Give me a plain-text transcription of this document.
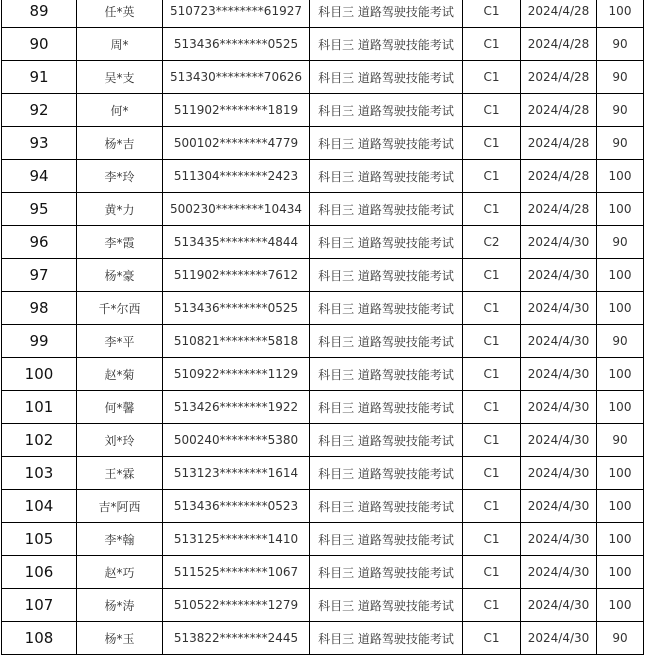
89	任*英	510723********61927	科目三 道路驾驶技能考试	C1	2024/4/28	100
90	周*	513436********0525	科目三 道路驾驶技能考试	C1	2024/4/28	90
91	吴*支	513430********70626	科目三 道路驾驶技能考试	C1	2024/4/28	90
92	何*	511902********1819	科目三 道路驾驶技能考试	C1	2024/4/28	90
93	杨*吉	500102********4779	科目三 道路驾驶技能考试	C1	2024/4/28	90
94	李*玲	511304********2423	科目三 道路驾驶技能考试	C1	2024/4/28	100
95	黄*力	500230********10434	科目三 道路驾驶技能考试	C1	2024/4/28	100
96	李*霞	513435********4844	科目三 道路驾驶技能考试	C2	2024/4/30	90
97	杨*豪	511902********7612	科目三 道路驾驶技能考试	C1	2024/4/30	100
98	千*尔西	513436********0525	科目三 道路驾驶技能考试	C1	2024/4/30	100
99	李*平	510821********5818	科目三 道路驾驶技能考试	C1	2024/4/30	90
100	赵*菊	510922********1129	科目三 道路驾驶技能考试	C1	2024/4/30	100
101	何*馨	513426********1922	科目三 道路驾驶技能考试	C1	2024/4/30	100
102	刘*玲	500240********5380	科目三 道路驾驶技能考试	C1	2024/4/30	90
103	王*霖	513123********1614	科目三 道路驾驶技能考试	C1	2024/4/30	100
104	吉*阿西	513436********0523	科目三 道路驾驶技能考试	C1	2024/4/30	100
105	李*翰	513125********1410	科目三 道路驾驶技能考试	C1	2024/4/30	100
106	赵*巧	511525********1067	科目三 道路驾驶技能考试	C1	2024/4/30	100
107	杨*涛	510522********1279	科目三 道路驾驶技能考试	C1	2024/4/30	100
108	杨*玉	513822********2445	科目三 道路驾驶技能考试	C1	2024/4/30	90
